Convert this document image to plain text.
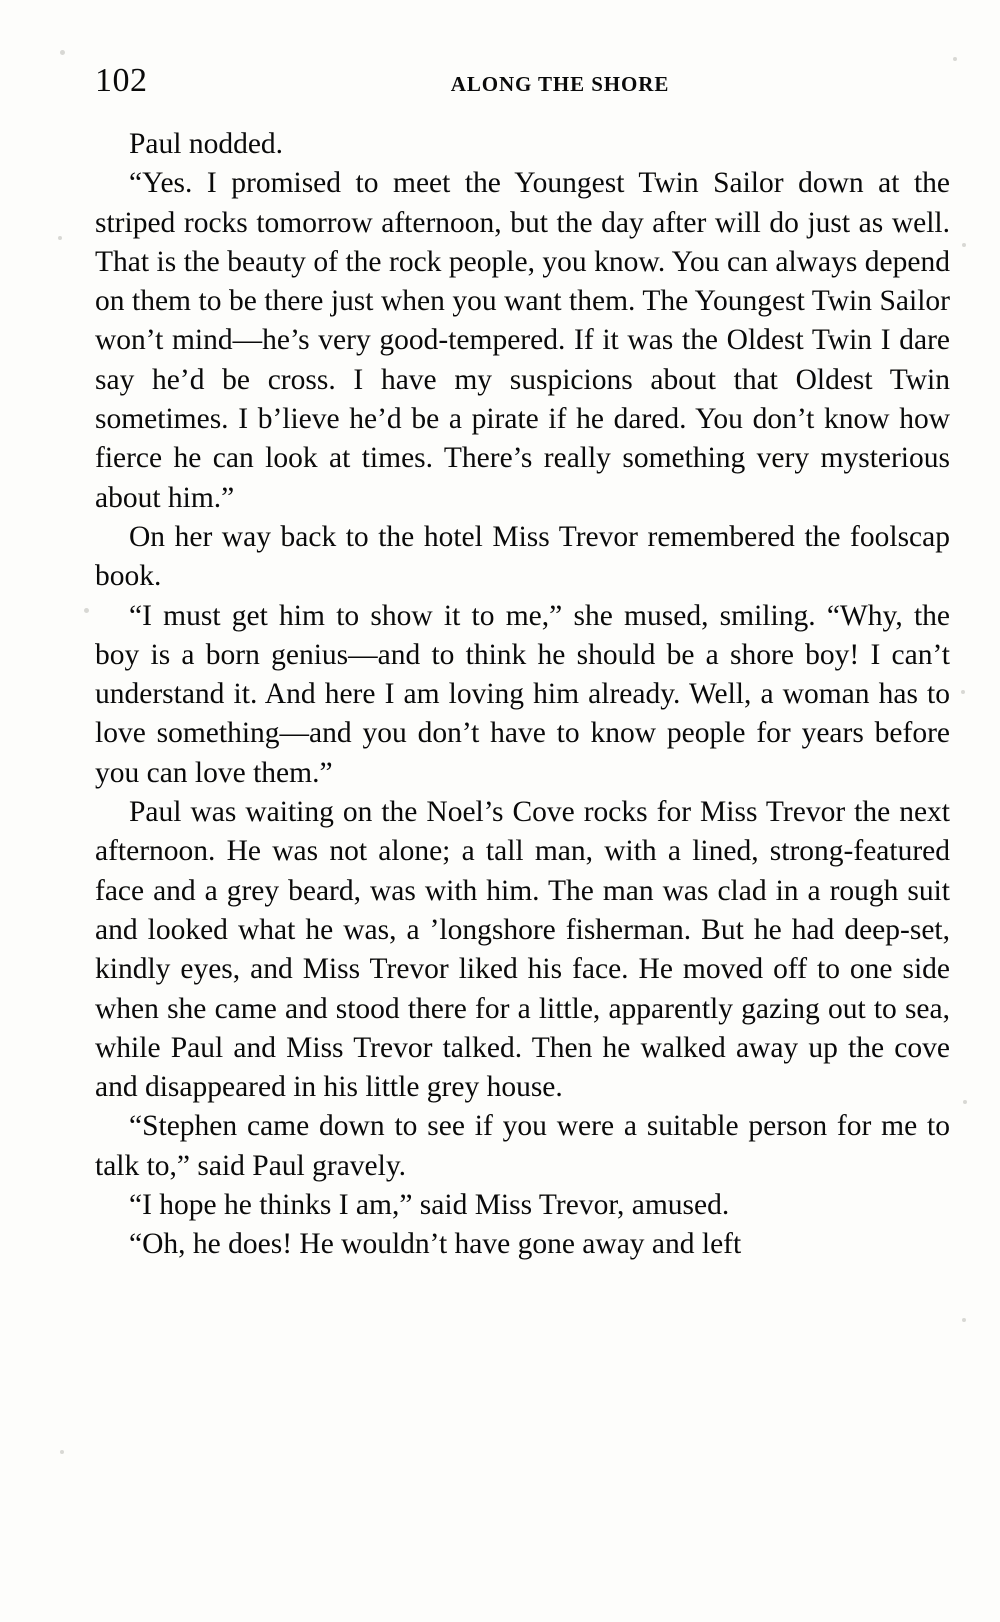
102	ALONG THE SHORE

Paul nodded.

“Yes. I promised to meet the Youngest Twin Sailor down at the striped rocks tomorrow afternoon, but the day after will do just as well. That is the beauty of the rock people, you know. You can always depend on them to be there just when you want them. The Youngest Twin Sailor won’t mind—he’s very good-tempered. If it was the Oldest Twin I dare say he’d be cross. I have my suspicions about that Oldest Twin sometimes. I b’lieve he’d be a pirate if he dared. You don’t know how fierce he can look at times. There’s really something very mysterious about him.”

On her way back to the hotel Miss Trevor remembered the foolscap book.

“I must get him to show it to me,” she mused, smiling. “Why, the boy is a born genius—and to think he should be a shore boy! I can’t understand it. And here I am loving him already. Well, a woman has to love something—and you don’t have to know people for years before you can love them.”

Paul was waiting on the Noel’s Cove rocks for Miss Trevor the next afternoon. He was not alone; a tall man, with a lined, strong-featured face and a grey beard, was with him. The man was clad in a rough suit and looked what he was, a ’longshore fisherman. But he had deep-set, kindly eyes, and Miss Trevor liked his face. He moved off to one side when she came and stood there for a little, apparently gazing out to sea, while Paul and Miss Trevor talked. Then he walked away up the cove and disappeared in his little grey house.

“Stephen came down to see if you were a suitable person for me to talk to,” said Paul gravely.

“I hope he thinks I am,” said Miss Trevor, amused.

“Oh, he does! He wouldn’t have gone away and left
